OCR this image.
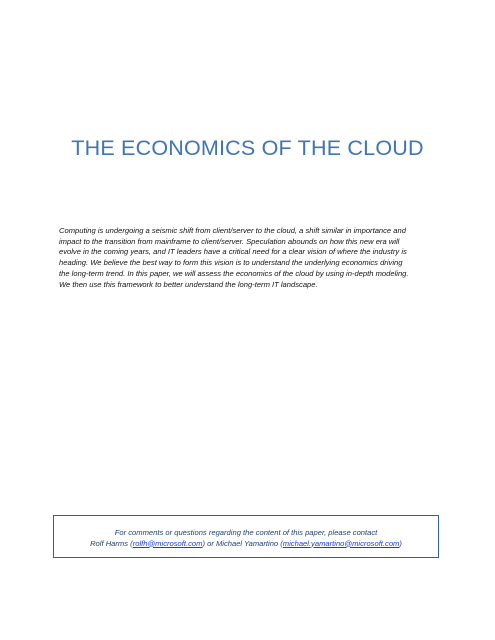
THE ECONOMICS OF THE CLOUD

Computing is undergoing a seismic shift from client/server to the cloud, a shift similar in importance and
impact to the transition from mainframe to client/server. Speculation abounds on how this new era will
evolve in the coming years, and IT leaders have a critical need for a clear vision of where the industry is
heading. We believe the best way to form this vision is to understand the underlying economics driving
the long-term trend. In this paper, we will assess the economics of the cloud by using in-depth modeling.
We then use this framework to better understand the long-term IT landscape.

For comments or questions regarding the content of this paper, please contact
Rolf Harms (rolfh@microsoft.com) or Michael Yamartino (michael.yamartino@microsoft.com)
